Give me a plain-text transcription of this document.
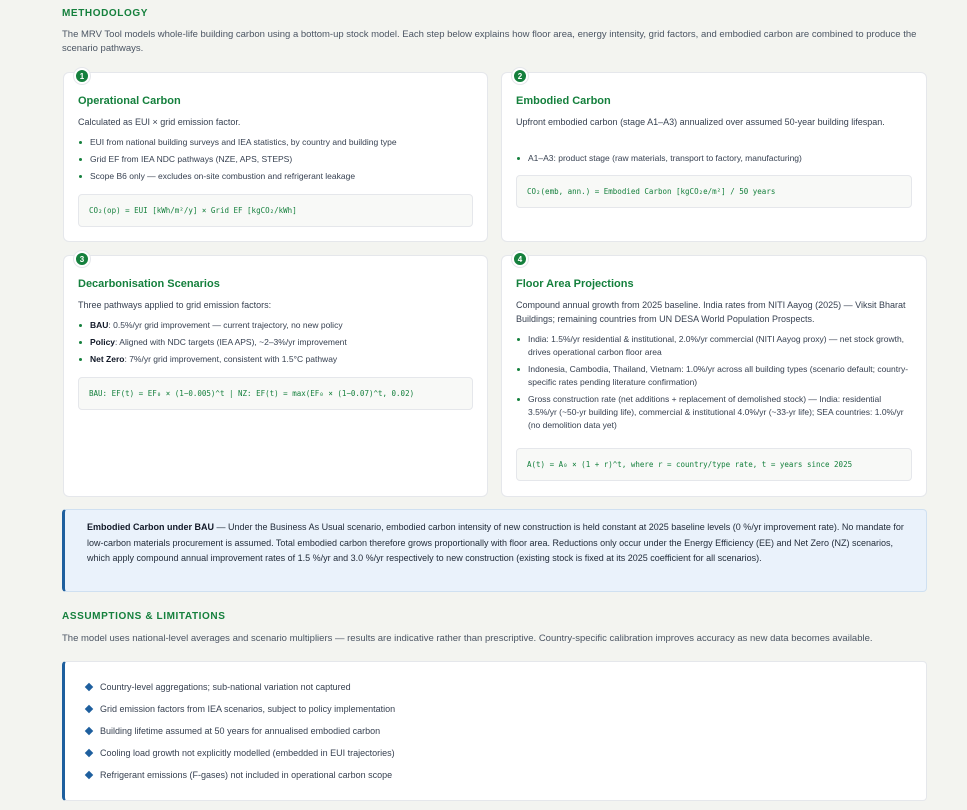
METHODOLOGY
The MRV Tool models whole-life building carbon using a bottom-up stock model. Each step below explains how floor area, energy intensity, grid factors, and embodied carbon are combined to produce the scenario pathways.
1
Operational Carbon
Calculated as EUI × grid emission factor.
EUI from national building surveys and IEA statistics, by country and building type
Grid EF from IEA NDC pathways (NZE, APS, STEPS)
Scope B6 only — excludes on-site combustion and refrigerant leakage
CO₂(op) = EUI [kWh/m²/y] × Grid EF [kgCO₂/kWh]
2
Embodied Carbon
Upfront embodied carbon (stage A1–A3) annualized over assumed 50-year building lifespan.
A1–A3: product stage (raw materials, transport to factory, manufacturing)
CO₂(emb, ann.) = Embodied Carbon [kgCO₂e/m²] / 50 years
3
Decarbonisation Scenarios
Three pathways applied to grid emission factors:
BAU: 0.5%/yr grid improvement — current trajectory, no new policy
Policy: Aligned with NDC targets (IEA APS), ~2–3%/yr improvement
Net Zero: 7%/yr grid improvement, consistent with 1.5°C pathway
BAU: EF(t) = EF₀ × (1−0.005)^t | NZ: EF(t) = max(EF₀ × (1−0.07)^t, 0.02)
4
Floor Area Projections
Compound annual growth from 2025 baseline. India rates from NITI Aayog (2025) — Viksit Bharat Buildings; remaining countries from UN DESA World Population Prospects.
India: 1.5%/yr residential & institutional, 2.0%/yr commercial (NITI Aayog proxy) — net stock growth, drives operational carbon floor area
Indonesia, Cambodia, Thailand, Vietnam: 1.0%/yr across all building types (scenario default; country-specific rates pending literature confirmation)
Gross construction rate (net additions + replacement of demolished stock) — India: residential 3.5%/yr (~50-yr building life), commercial & institutional 4.0%/yr (~33-yr life); SEA countries: 1.0%/yr (no demolition data yet)
A(t) = A₀ × (1 + r)^t, where r = country/type rate, t = years since 2025
Embodied Carbon under BAU — Under the Business As Usual scenario, embodied carbon intensity of new construction is held constant at 2025 baseline levels (0 %/yr improvement rate). No mandate for low-carbon materials procurement is assumed. Total embodied carbon therefore grows proportionally with floor area. Reductions only occur under the Energy Efficiency (EE) and Net Zero (NZ) scenarios, which apply compound annual improvement rates of 1.5 %/yr and 3.0 %/yr respectively to new construction (existing stock is fixed at its 2025 coefficient for all scenarios).
ASSUMPTIONS & LIMITATIONS
The model uses national-level averages and scenario multipliers — results are indicative rather than prescriptive. Country-specific calibration improves accuracy as new data becomes available.
Country-level aggregations; sub-national variation not captured
Grid emission factors from IEA scenarios, subject to policy implementation
Building lifetime assumed at 50 years for annualised embodied carbon
Cooling load growth not explicitly modelled (embedded in EUI trajectories)
Refrigerant emissions (F-gases) not included in operational carbon scope
